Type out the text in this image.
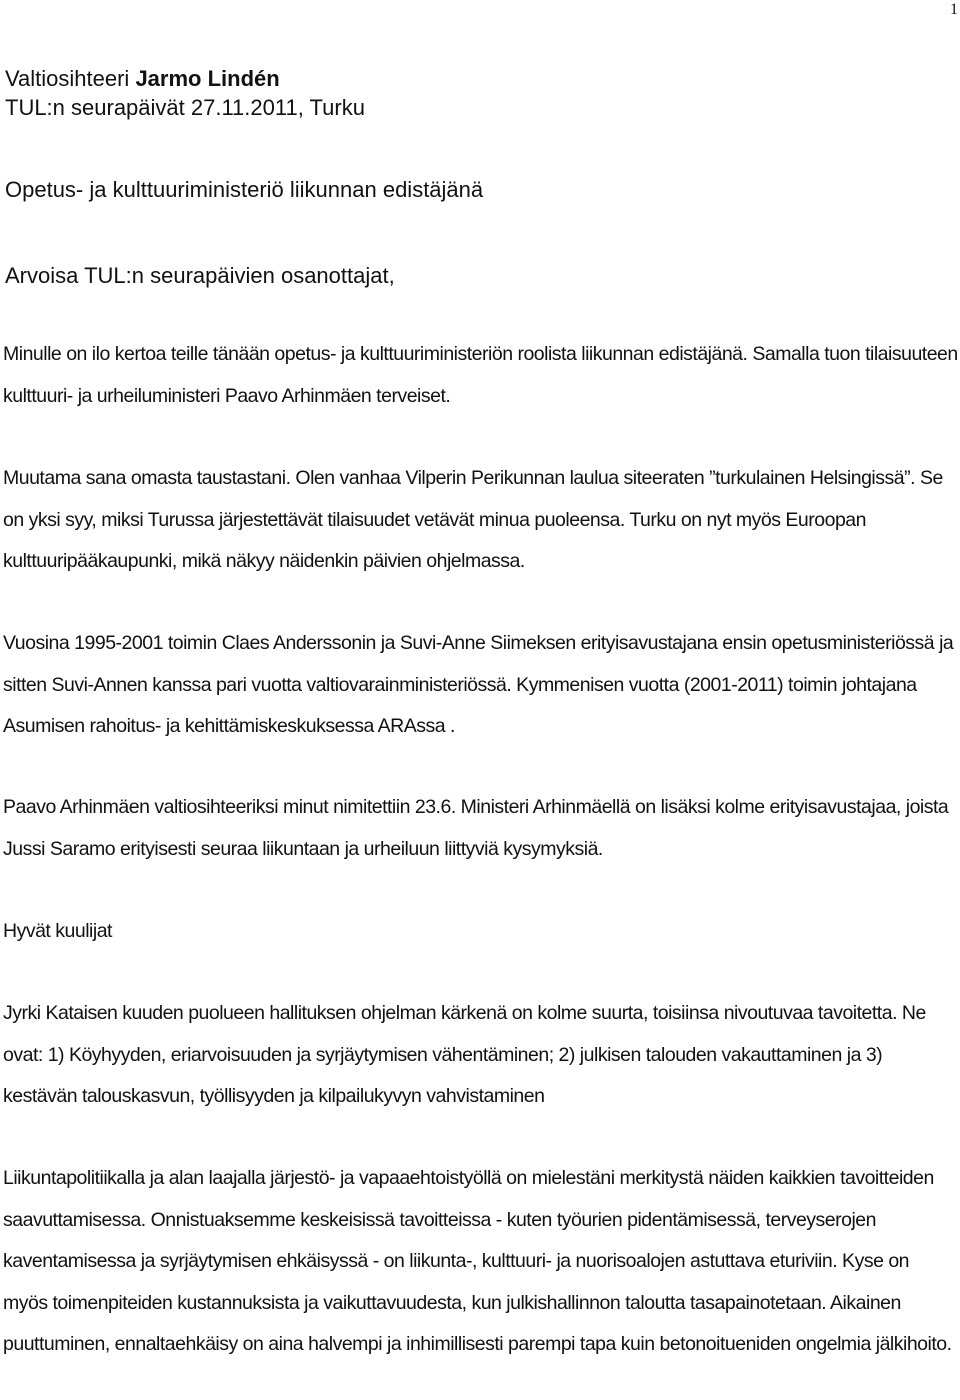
1
Valtiosihteeri Jarmo Lindén
TUL:n seurapäivät 27.11.2011, Turku
Opetus- ja kulttuuriministeriö liikunnan edistäjänä
Arvoisa TUL:n seurapäivien osanottajat,

Minulle on ilo kertoa teille tänään opetus- ja kulttuuriministeriön roolista liikunnan edistäjänä. Samalla tuon tilaisuuteen kulttuuri- ja urheiluministeri Paavo Arhinmäen terveiset.

Muutama sana omasta taustastani. Olen vanhaa Vilperin Perikunnan laulua siteeraten ”turkulainen Helsingissä”. Se on yksi syy, miksi Turussa järjestettävät tilaisuudet vetävät minua puoleensa. Turku on nyt myös Euroopan kulttuuripääkaupunki, mikä näkyy näidenkin päivien ohjelmassa.

Vuosina 1995-2001 toimin Claes Anderssonin ja Suvi-Anne Siimeksen erityisavustajana ensin opetusministeriössä ja sitten Suvi-Annen kanssa pari vuotta valtiovarainministeriössä. Kymmenisen vuotta (2001-2011) toimin johtajana Asumisen rahoitus- ja kehittämiskeskuksessa ARAssa .

Paavo Arhinmäen valtiosihteeriksi minut nimitettiin 23.6. Ministeri Arhinmäellä on lisäksi kolme erityisavustajaa, joista Jussi Saramo erityisesti seuraa liikuntaan ja urheiluun liittyviä kysymyksiä.

Hyvät kuulijat

Jyrki Kataisen kuuden puolueen hallituksen ohjelman kärkenä on kolme suurta, toisiinsa nivoutuvaa tavoitetta. Ne ovat: 1) Köyhyyden, eriarvoisuuden ja syrjäytymisen vähentäminen; 2) julkisen talouden vakauttaminen ja 3) kestävän talouskasvun, työllisyyden ja kilpailukyvyn vahvistaminen

Liikuntapolitiikalla ja alan laajalla järjestö- ja vapaaehtoistyöllä on mielestäni merkitystä näiden kaikkien tavoitteiden saavuttamisessa. Onnistuaksemme keskeisissä tavoitteissa - kuten työurien pidentämisessä, terveyserojen kaventamisessa ja syrjäytymisen ehkäisyssä - on liikunta-, kulttuuri- ja nuorisoalojen astuttava eturiviin. Kyse on myös toimenpiteiden kustannuksista ja vaikuttavuudesta, kun julkishallinnon taloutta tasapainotetaan. Aikainen puuttuminen, ennaltaehkäisy on aina halvempi ja inhimillisesti parempi tapa kuin betonoitueniden ongelmia jälkihoito.
